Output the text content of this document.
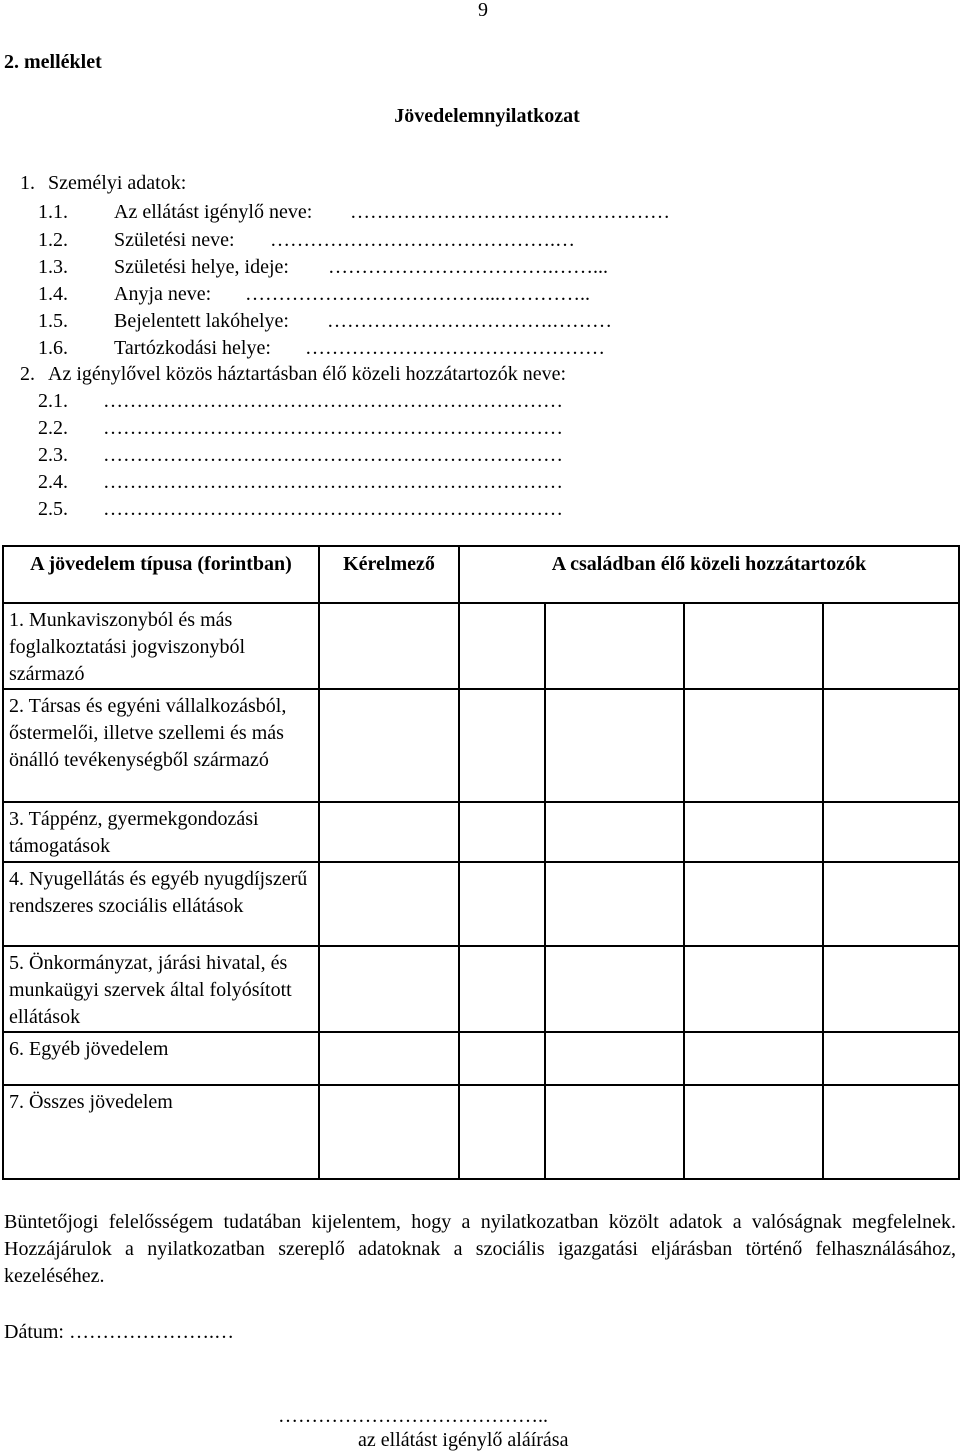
9
2. melléklet
Jövedelemnyilatkozat
1. Személyi adatok:
1.1. Az ellátást igénylő neve: …………………………………………
1.2. Születési neve: …………………………………….…
1.3. Születési helye, ideje: …………………………….……...
1.4. Anyja neve: ………………………………...…………..
1.5. Bejelentett lakóhelye: …………………………….………
1.6. Tartózkodási helye: ………………………………………
2. Az igénylővel közös háztartásban élő közeli hozzátartozók neve:
2.1. ……………………………………………………………
2.2. ……………………………………………………………
2.3. ……………………………………………………………
2.4. ……………………………………………………………
2.5. ……………………………………………………………
A jövedelem típusa (forintban)	Kérelmező	A családban élő közeli hozzátartozók			
1. Munkaviszonyból és más foglalkoztatási jogviszonyból származó					
2. Társas és egyéni vállalkozásból, őstermelői, illetve szellemi és más önálló tevékenységből származó					
3. Táppénz, gyermekgondozási támogatások					
4. Nyugellátás és egyéb nyugdíjszerű rendszeres szociális ellátások					
5. Önkormányzat, járási hivatal, és munkaügyi szervek által folyósított ellátások					
6. Egyéb jövedelem					
7. Összes jövedelem					

Büntetőjogi felelősségem tudatában kijelentem, hogy a nyilatkozatban közölt adatok a valóságnak megfelelnek. Hozzájárulok a nyilatkozatban szereplő adatoknak a szociális igazgatási eljárásban történő felhasználásához, kezeléséhez.

Dátum: ………………….…
…………………………………..
az ellátást igénylő aláírása
